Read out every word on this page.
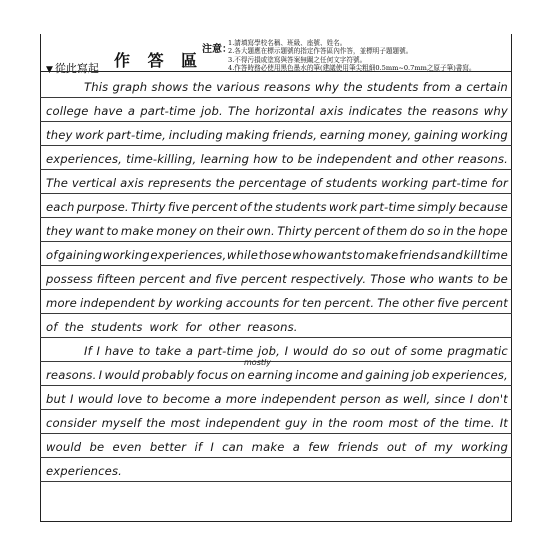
▼ 從此寫起 作 答 區
注意：
1.請填寫學校名稱、班級、座號、姓名。
2.各大題應在標示題號的指定作答區內作答，並標明子題題號。
3.不得污損或塗寫與答案無關之任何文字符號。
4.作答時務必使用黑色墨水的筆(建議使用筆尖粗細0.5mm~0.7mm之原子筆)書寫。
This graph shows the various reasons why the students from a certain
college have a part-time job. The horizontal axis indicates the reasons why
they work part-time, including making friends, earning money, gaining working
experiences, time-killing, learning how to be independent and other reasons.
The vertical axis represents the percentage of students working part-time for
each purpose. Thirty five percent of the students work part-time simply because
they want to make money on their own. Thirty percent of them do so in the hope
of gaining working experiences, while those who wants to make friends and kill time
possess fifteen percent and five percent respectively. Those who wants to be
more independent by working accounts for ten percent. The other five percent
of the students work for other reasons.
If I have to take a part-time job, I would do so out of some pragmatic
reasons. I would probably focus on earning income and gaining job experiences,
mostly
but I would love to become a more independent person as well, since I don't
consider myself the most independent guy in the room most of the time. It
would be even better if I can make a few friends out of my working
experiences.
